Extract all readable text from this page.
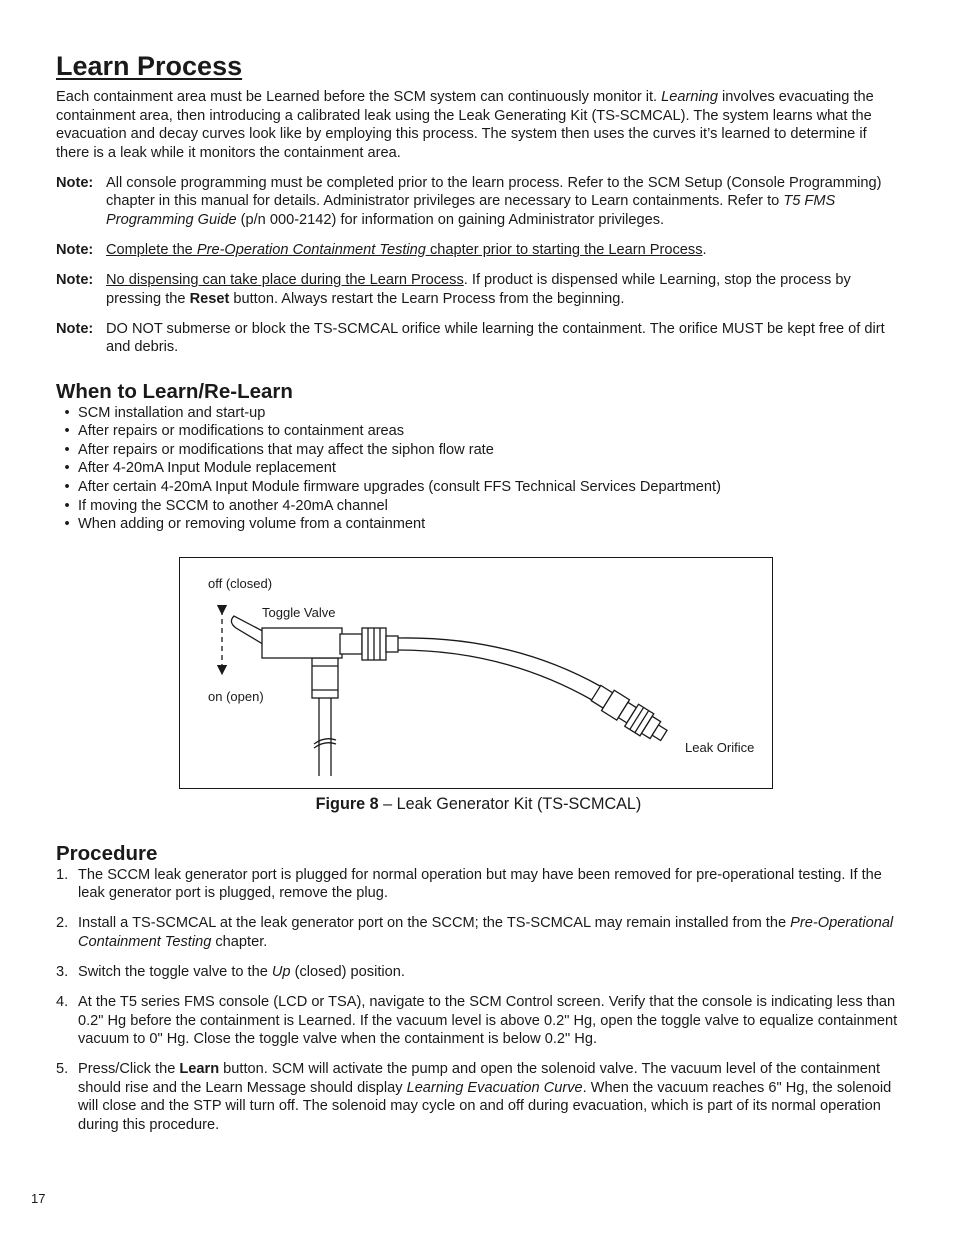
Learn Process

Each containment area must be Learned before the SCM system can continuously monitor it. Learning involves evacuating the containment area, then introducing a calibrated leak using the Leak Generating Kit (TS-SCMCAL). The system learns what the evacuation and decay curves look like by employing this process. The system then uses the curves it’s learned to determine if there is a leak while it monitors the containment area.

Note: All console programming must be completed prior to the learn process. Refer to the SCM Setup (Console Programming) chapter in this manual for details. Administrator privileges are necessary to Learn containments. Refer to T5 FMS Programming Guide (p/n 000-2142) for information on gaining Administrator privileges.
Note: Complete the Pre-Operation Containment Testing chapter prior to starting the Learn Process.
Note: No dispensing can take place during the Learn Process. If product is dispensed while Learning, stop the process by pressing the Reset button. Always restart the Learn Process from the beginning.
Note: DO NOT submerse or block the TS-SCMCAL orifice while learning the containment. The orifice MUST be kept free of dirt and debris.
When to Learn/Re-Learn
• SCM installation and start-up
• After repairs or modifications to containment areas
• After repairs or modifications that may affect the siphon flow rate
• After 4-20mA Input Module replacement
• After certain 4-20mA Input Module firmware upgrades (consult FFS Technical Services Department)
• If moving the SCCM to another 4-20mA channel
• When adding or removing volume from a containment
off (closed)
Toggle Valve
on (open)
Leak Orifice

Figure 8 – Leak Generator Kit (TS-SCMCAL)

Procedure
1. The SCCM leak generator port is plugged for normal operation but may have been removed for pre-operational testing. If the leak generator port is plugged, remove the plug.
2. Install a TS-SCMCAL at the leak generator port on the SCCM; the TS-SCMCAL may remain installed from the Pre-Operational Containment Testing chapter.
3. Switch the toggle valve to the Up (closed) position.
4. At the T5 series FMS console (LCD or TSA), navigate to the SCM Control screen. Verify that the console is indicating less than 0.2" Hg before the containment is Learned. If the vacuum level is above 0.2" Hg, open the toggle valve to equalize containment vacuum to 0" Hg. Close the toggle valve when the containment is below 0.2" Hg.
5. Press/Click the Learn button. SCM will activate the pump and open the solenoid valve. The vacuum level of the containment should rise and the Learn Message should display Learning Evacuation Curve. When the vacuum reaches 6" Hg, the solenoid will close and the STP will turn off. The solenoid may cycle on and off during evacuation, which is part of its normal operation during this procedure.
17
